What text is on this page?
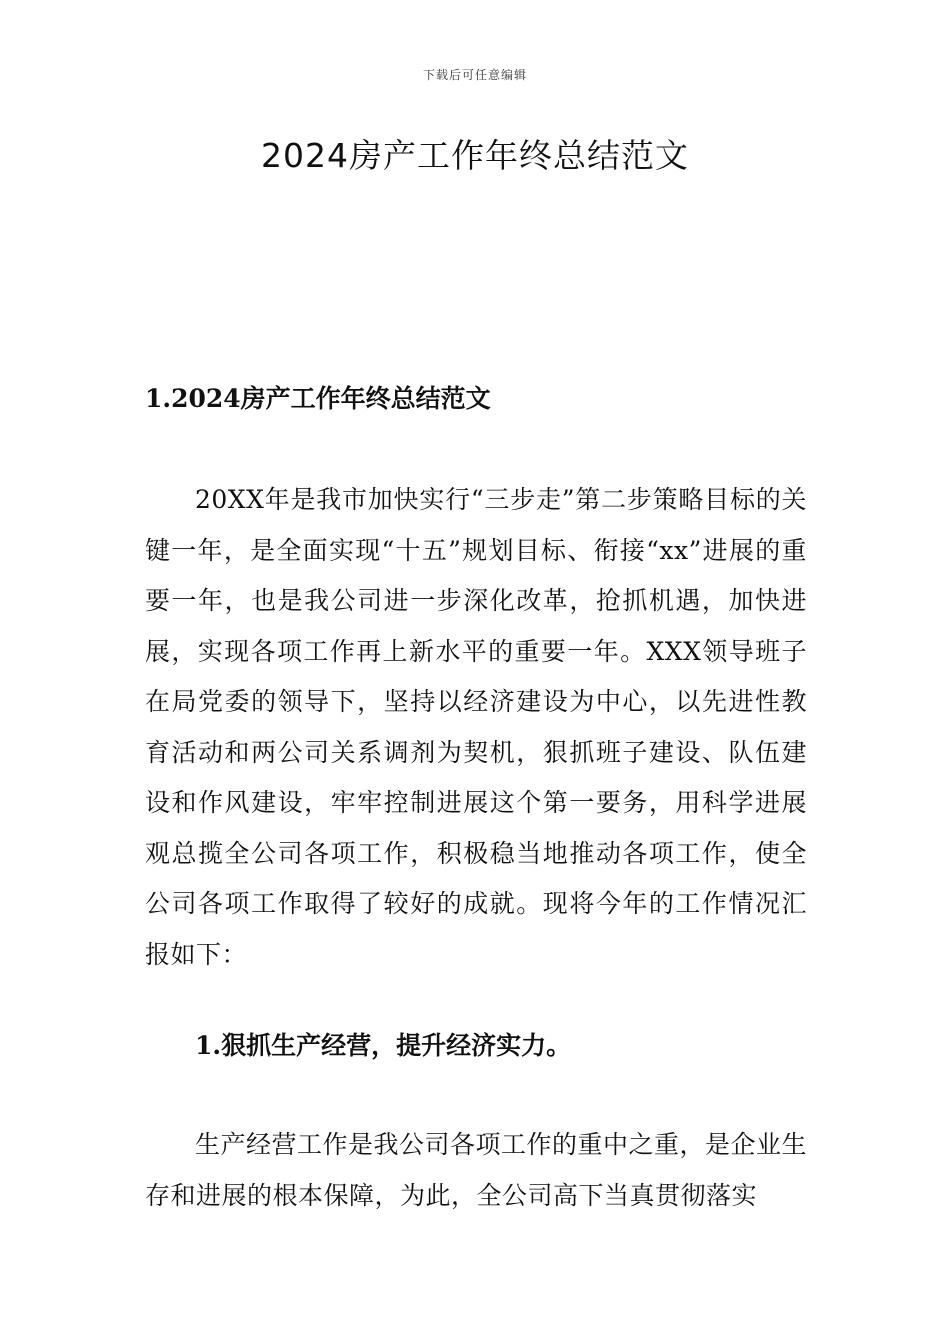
下载后可任意编辑
2024房产工作年终总结范文
1.2024房产工作年终总结范文

20XX年是我市加快实行“三步走”第二步策略目标的关键一年，是全面实现“十五”规划目标、衔接“xx”进展的重要一年，也是我公司进一步深化改革，抢抓机遇，加快进展，实现各项工作再上新水平的重要一年。XXX领导班子在局党委的领导下，坚持以经济建设为中心，以先进性教育活动和两公司关系调剂为契机，狠抓班子建设、队伍建设和作风建设，牢牢控制进展这个第一要务，用科学进展观总揽全公司各项工作，积极稳当地推动各项工作，使全公司各项工作取得了较好的成就。现将今年的工作情况汇报如下：

1.狠抓生产经营，提升经济实力。

生产经营工作是我公司各项工作的重中之重，是企业生存和进展的根本保障，为此，全公司高下当真贯彻落实
